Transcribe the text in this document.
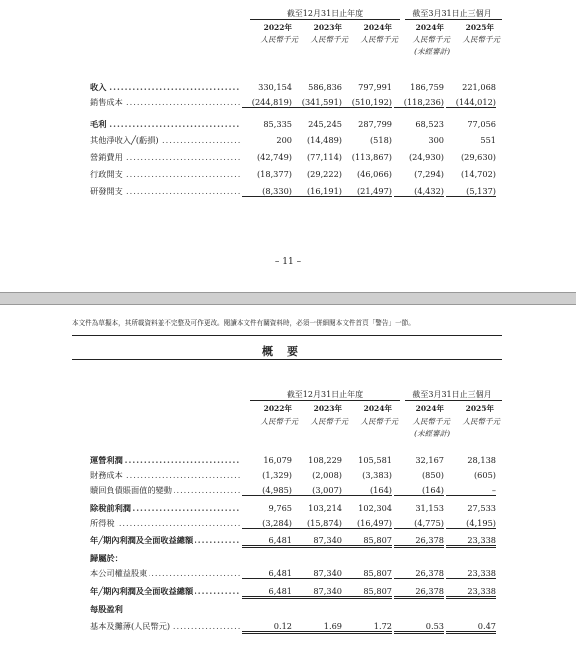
截至12月31日止年度	截至3月31日止三個月
2022年	2023年	2024年	2024年	2025年
人民幣千元	人民幣千元	人民幣千元	人民幣千元	人民幣千元
(未經審計)
收入 .....	330,154	586,836	797,991	186,759	221,068
銷售成本 .....	(244,819)	(341,591)	(510,192)	(118,236)	(144,012)
毛利 .....	85,335	245,245	287,799	68,523	77,056
其他淨收入╱(虧損) .....	200	(14,489)	(518)	300	551
營銷費用 .....	(42,749)	(77,114)	(113,867)	(24,930)	(29,630)
行政開支 .....	(18,377)	(29,222)	(46,066)	(7,294)	(14,702)
研發開支 .....	(8,330)	(16,191)	(21,497)	(4,432)	(5,137)
– 11 –
本文件為草擬本，其所載資料並不完整及可作更改。閱讀本文件有關資料時，必須一併細閱本文件首頁「警告」一節。
概要
截至12月31日止年度	截至3月31日止三個月
2022年	2023年	2024年	2024年	2025年
人民幣千元	人民幣千元	人民幣千元	人民幣千元	人民幣千元
(未經審計)
運營利潤 .....	16,079	108,229	105,581	32,167	28,138
財務成本 .....	(1,329)	(2,008)	(3,383)	(850)	(605)
贖回負債賬面值的變動 .....	(4,985)	(3,007)	(164)	(164)	–
除稅前利潤 .....	9,765	103,214	102,304	31,153	27,533
所得稅 .....	(3,284)	(15,874)	(16,497)	(4,775)	(4,195)
年╱期內利潤及全面收益總額 .....	6,481	87,340	85,807	26,378	23,338
歸屬於：
本公司權益股東 .....	6,481	87,340	85,807	26,378	23,338
年╱期內利潤及全面收益總額 .....	6,481	87,340	85,807	26,378	23,338
每股盈利
基本及攤薄(人民幣元) .....	0.12	1.69	1.72	0.53	0.47
